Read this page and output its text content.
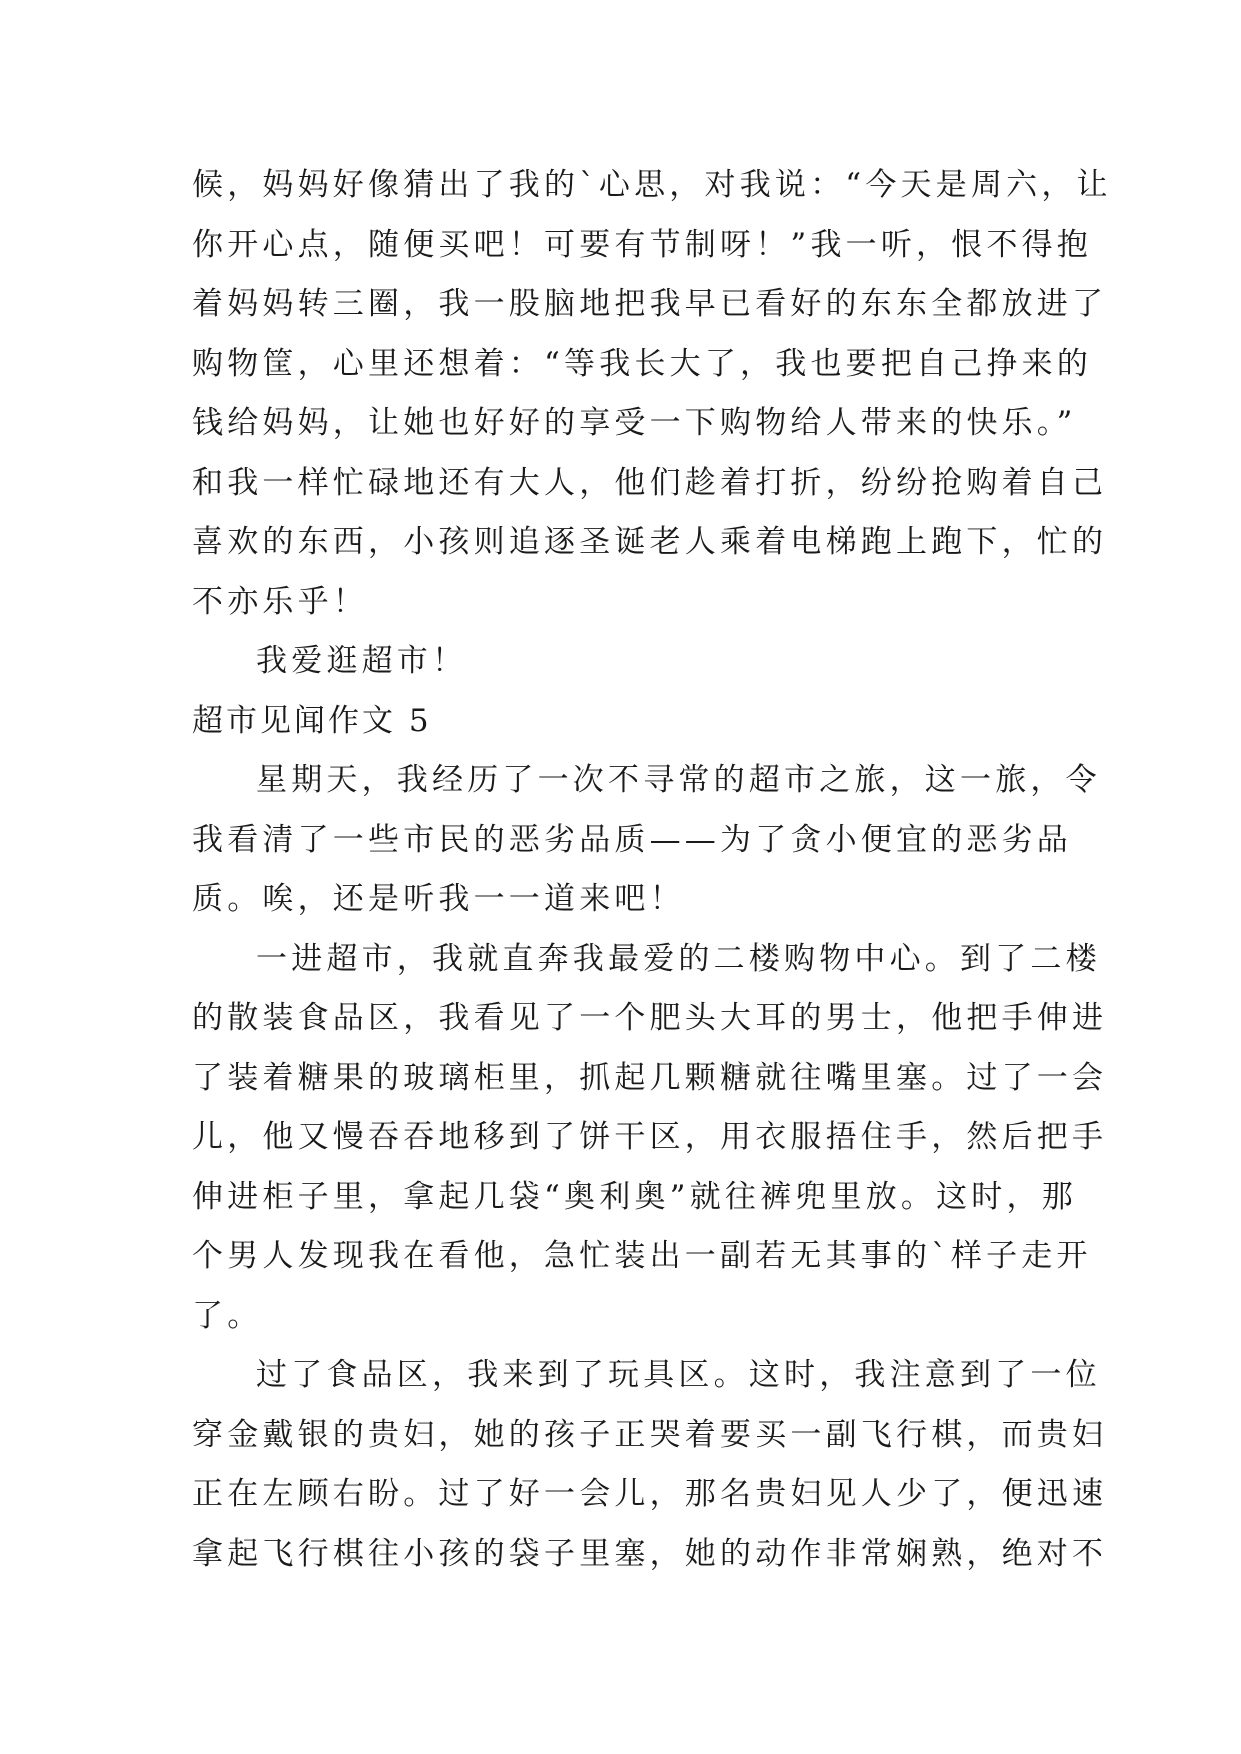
候，妈妈好像猜出了我的`心思，对我说：“今天是周六，让
你开心点，随便买吧！可要有节制呀！”我一听，恨不得抱
着妈妈转三圈，我一股脑地把我早已看好的东东全都放进了
购物筐，心里还想着：“等我长大了，我也要把自己挣来的
钱给妈妈，让她也好好的享受一下购物给人带来的快乐。”
和我一样忙碌地还有大人，他们趁着打折，纷纷抢购着自己
喜欢的东西，小孩则追逐圣诞老人乘着电梯跑上跑下，忙的
不亦乐乎！
我爱逛超市！
超市见闻作文 5
星期天，我经历了一次不寻常的超市之旅，这一旅，令
我看清了一些市民的恶劣品质——为了贪小便宜的恶劣品
质。唉，还是听我一一道来吧！
一进超市，我就直奔我最爱的二楼购物中心。到了二楼
的散装食品区，我看见了一个肥头大耳的男士，他把手伸进
了装着糖果的玻璃柜里，抓起几颗糖就往嘴里塞。过了一会
儿，他又慢吞吞地移到了饼干区，用衣服捂住手，然后把手
伸进柜子里，拿起几袋“奥利奥”就往裤兜里放。这时，那
个男人发现我在看他，急忙装出一副若无其事的`样子走开
了。
过了食品区，我来到了玩具区。这时，我注意到了一位
穿金戴银的贵妇，她的孩子正哭着要买一副飞行棋，而贵妇
正在左顾右盼。过了好一会儿，那名贵妇见人少了，便迅速
拿起飞行棋往小孩的袋子里塞，她的动作非常娴熟，绝对不
